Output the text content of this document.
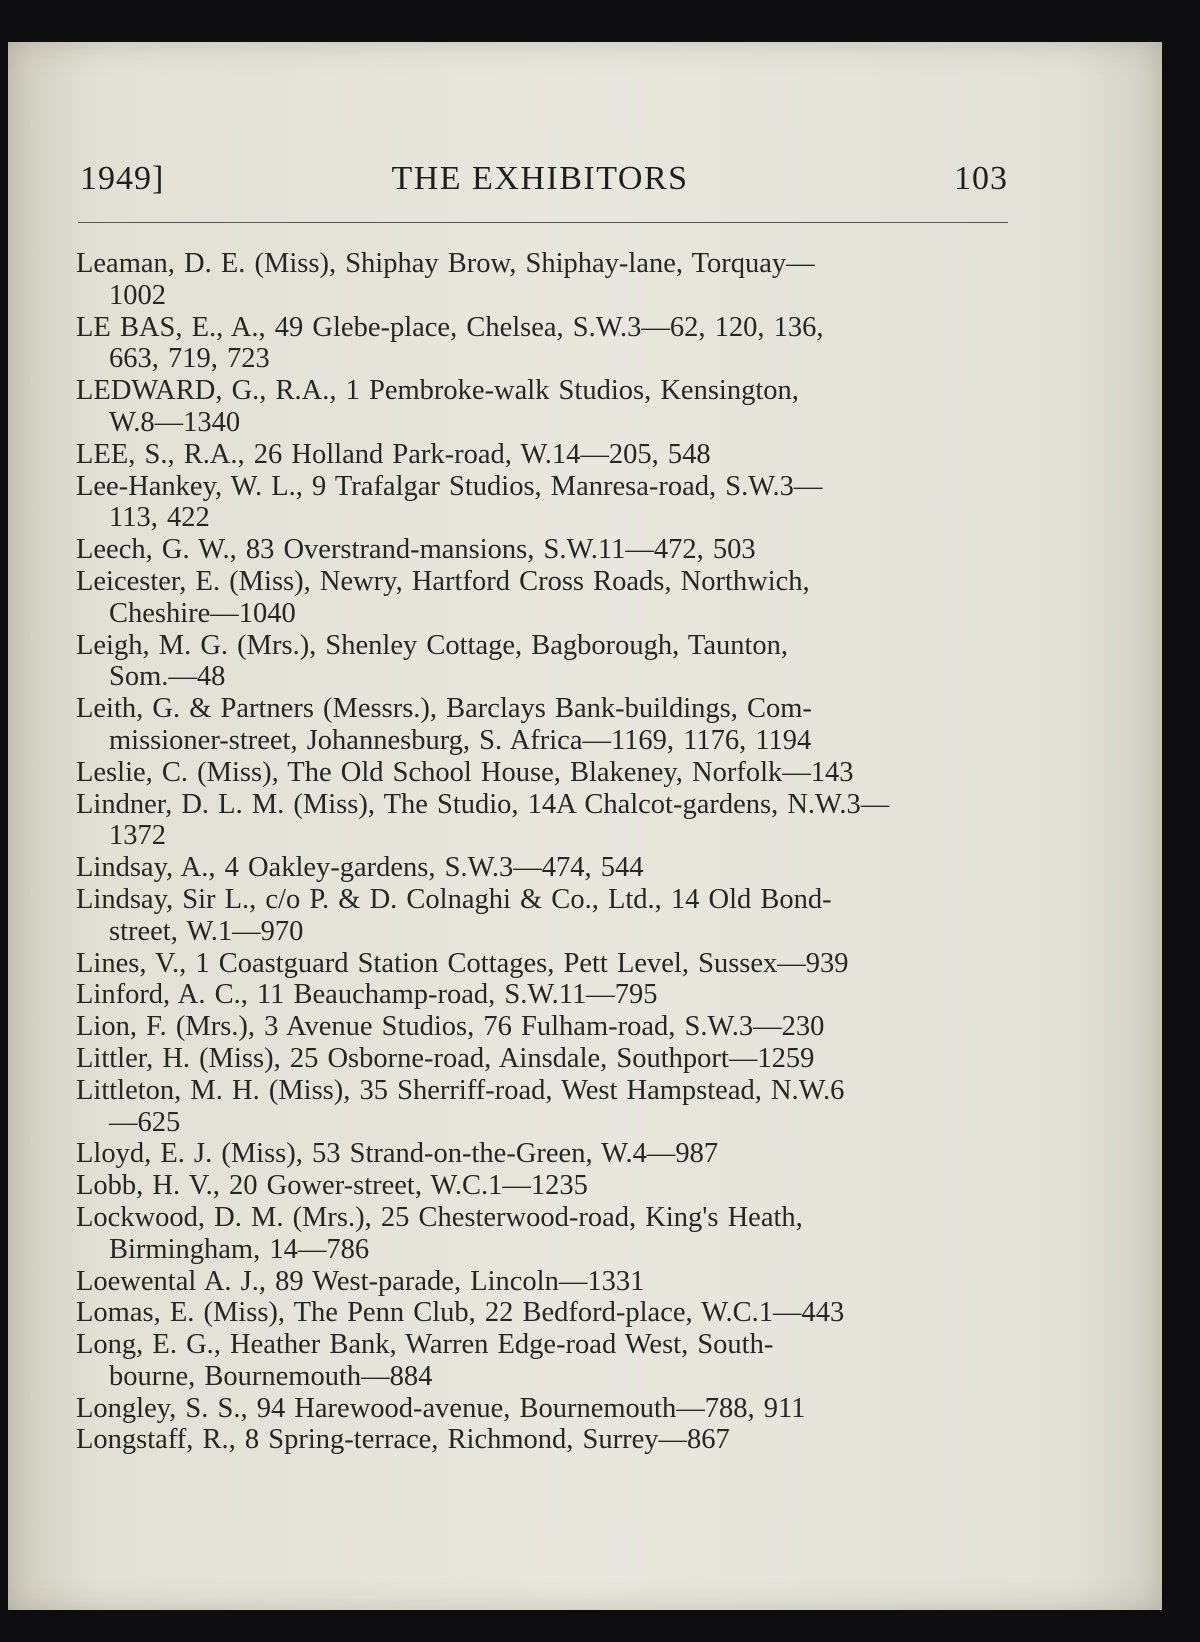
1949]	THE EXHIBITORS	103
Leaman, D. E. (Miss), Shiphay Brow, Shiphay-lane, Torquay—
1002
LE BAS, E., A., 49 Glebe-place, Chelsea, S.W.3—62, 120, 136,
663, 719, 723
LEDWARD, G., R.A., 1 Pembroke-walk Studios, Kensington,
W.8—1340
LEE, S., R.A., 26 Holland Park-road, W.14—205, 548
Lee-Hankey, W. L., 9 Trafalgar Studios, Manresa-road, S.W.3—
113, 422
Leech, G. W., 83 Overstrand-mansions, S.W.11—472, 503
Leicester, E. (Miss), Newry, Hartford Cross Roads, Northwich,
Cheshire—1040
Leigh, M. G. (Mrs.), Shenley Cottage, Bagborough, Taunton,
Som.—48
Leith, G. & Partners (Messrs.), Barclays Bank-buildings, Com-
missioner-street, Johannesburg, S. Africa—1169, 1176, 1194
Leslie, C. (Miss), The Old School House, Blakeney, Norfolk—143
Lindner, D. L. M. (Miss), The Studio, 14A Chalcot-gardens, N.W.3—
1372
Lindsay, A., 4 Oakley-gardens, S.W.3—474, 544
Lindsay, Sir L., c/o P. & D. Colnaghi & Co., Ltd., 14 Old Bond-
street, W.1—970
Lines, V., 1 Coastguard Station Cottages, Pett Level, Sussex—939
Linford, A. C., 11 Beauchamp-road, S.W.11—795
Lion, F. (Mrs.), 3 Avenue Studios, 76 Fulham-road, S.W.3—230
Littler, H. (Miss), 25 Osborne-road, Ainsdale, Southport—1259
Littleton, M. H. (Miss), 35 Sherriff-road, West Hampstead, N.W.6
—625
Lloyd, E. J. (Miss), 53 Strand-on-the-Green, W.4—987
Lobb, H. V., 20 Gower-street, W.C.1—1235
Lockwood, D. M. (Mrs.), 25 Chesterwood-road, King's Heath,
Birmingham, 14—786
Loewental A. J., 89 West-parade, Lincoln—1331
Lomas, E. (Miss), The Penn Club, 22 Bedford-place, W.C.1—443
Long, E. G., Heather Bank, Warren Edge-road West, South-
bourne, Bournemouth—884
Longley, S. S., 94 Harewood-avenue, Bournemouth—788, 911
Longstaff, R., 8 Spring-terrace, Richmond, Surrey—867
